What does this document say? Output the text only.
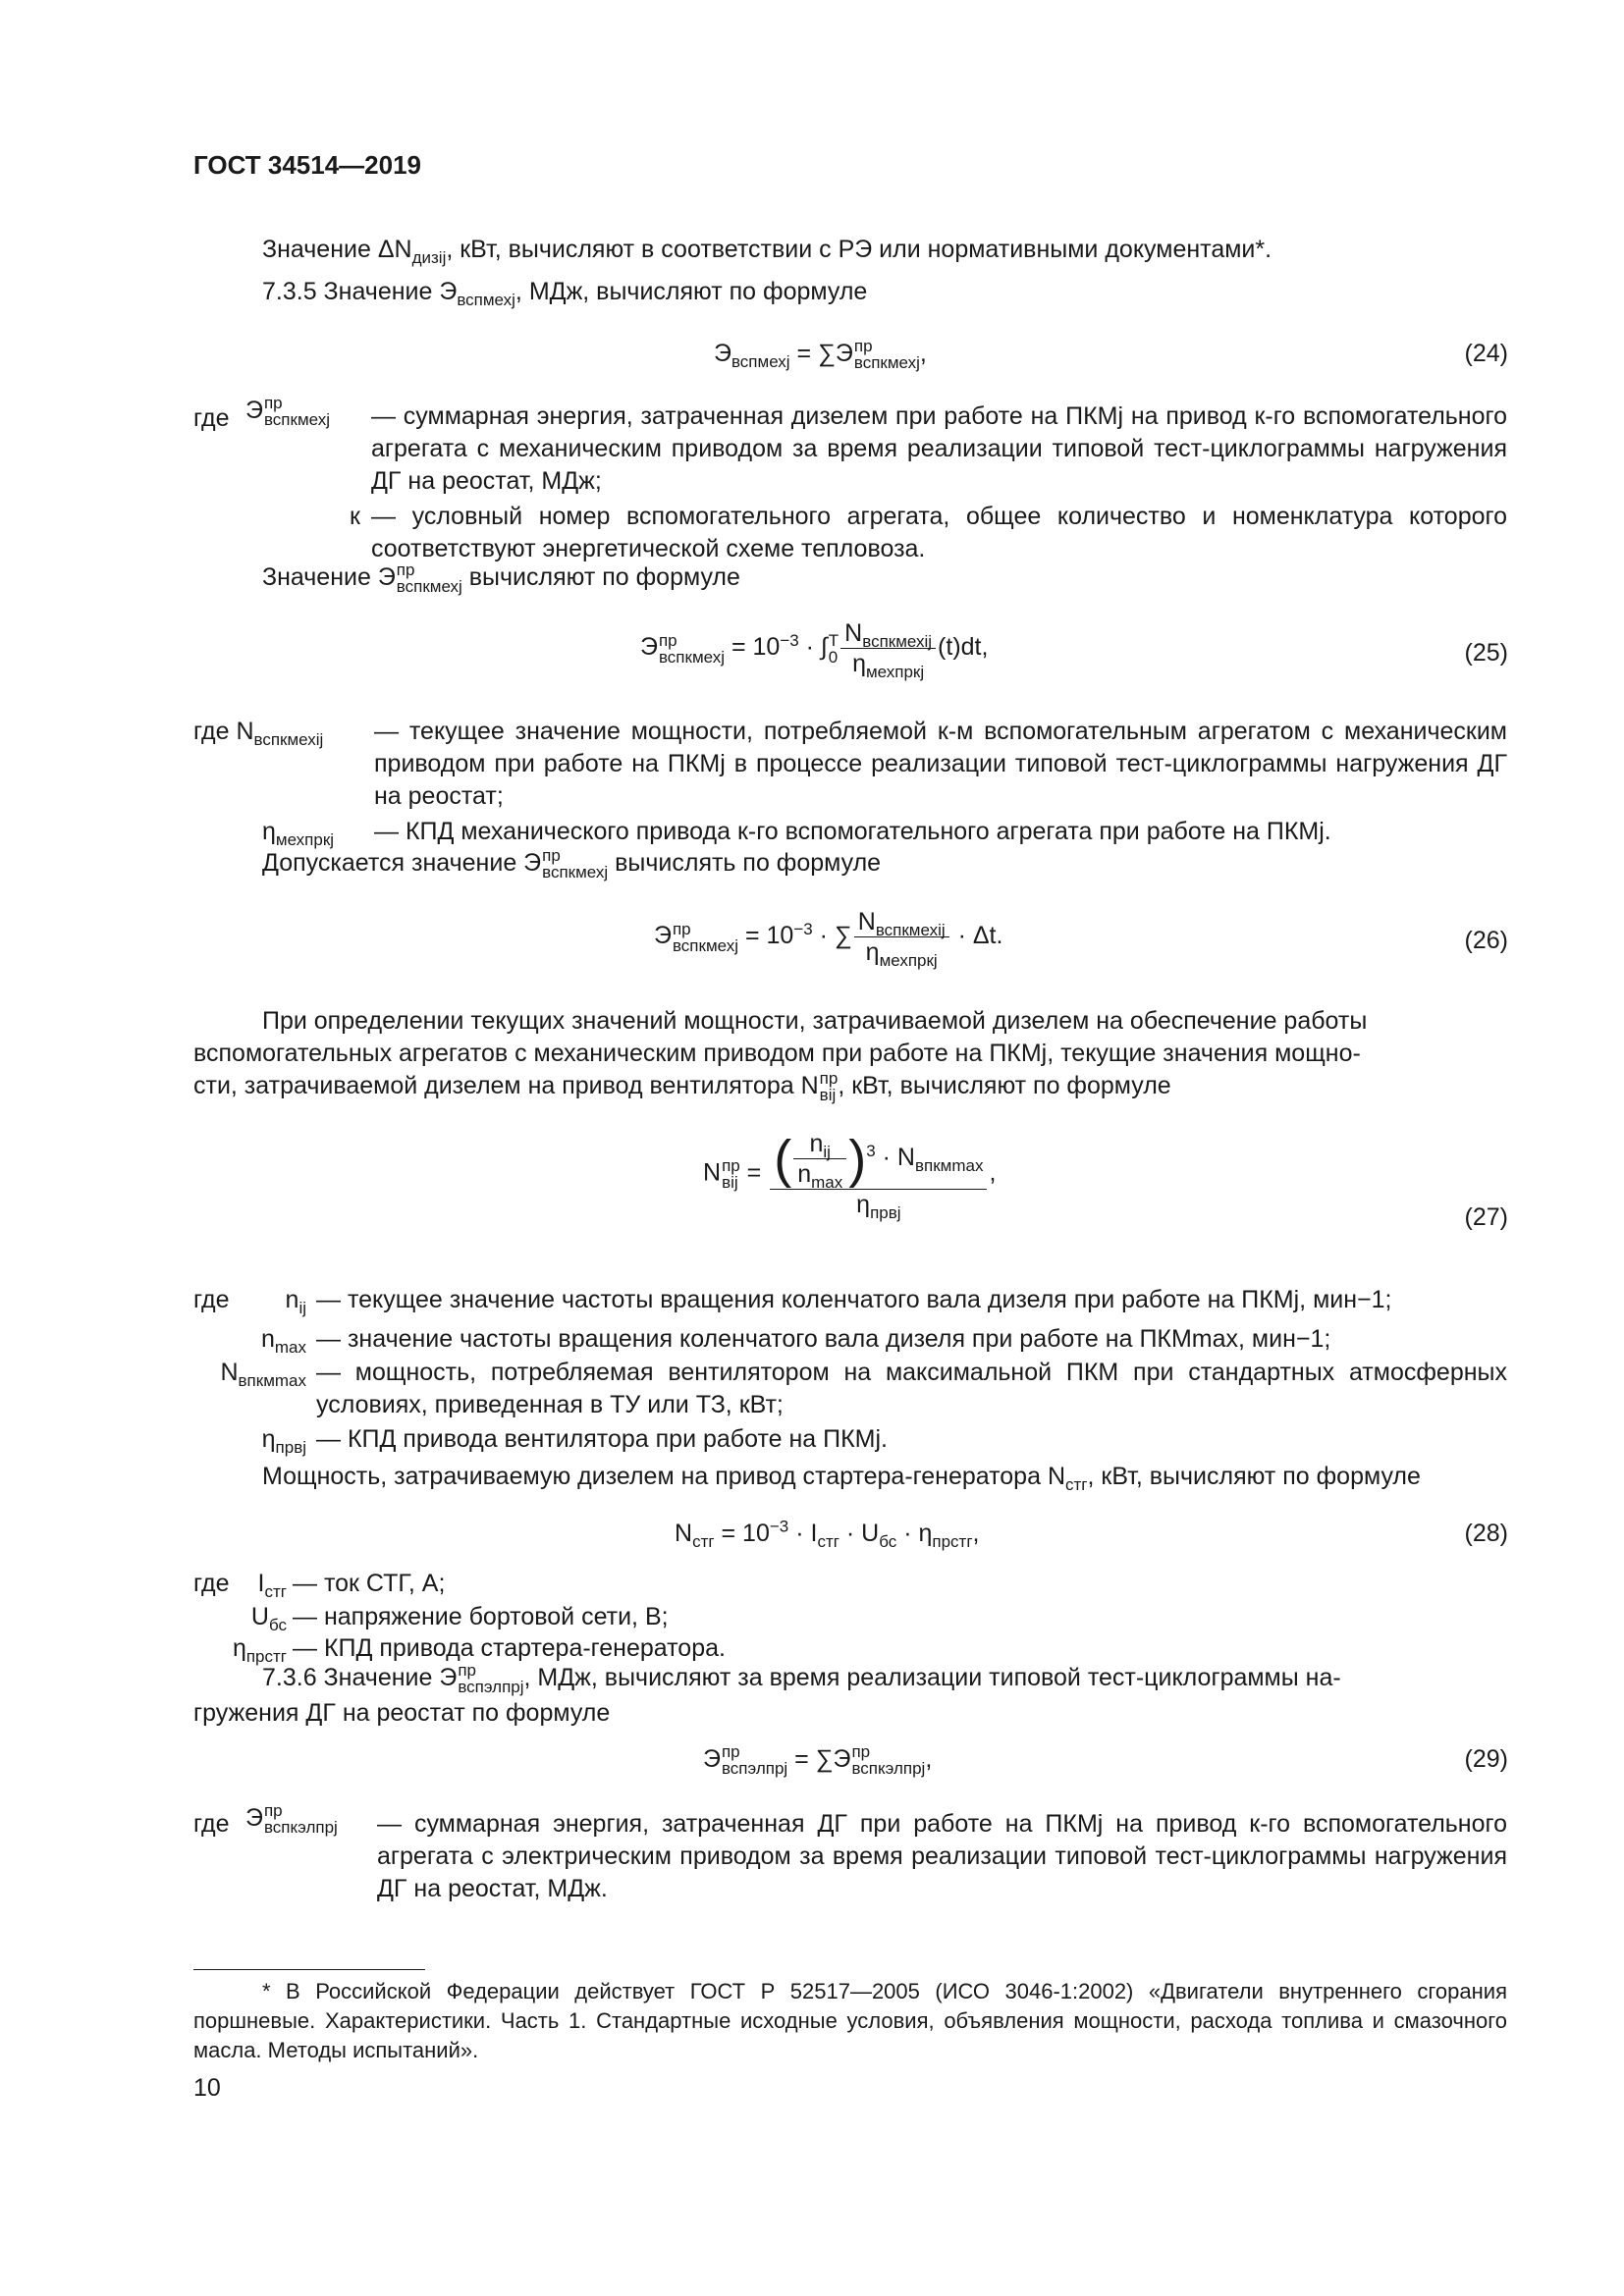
ГОСТ 34514—2019
Значение $\Delta N_{дизij}$, кВт, вычисляют в соответствии с РЭ или нормативными документами*.
7.3.5 Значение $Э_{вспмехj}$, МДж, вычисляют по формуле
$Э_{вспмехj} = \sum Э$ пр
вспкмехj ,	(24)
где Э пр
вспкмехj — суммарная энергия, затраченная дизелем при работе на ПКМj на привод к-го вспомогательного агрегата с механическим приводом за время реализации типовой тест-циклограммы нагружения ДГ на реостат, МДж;
к — условный номер вспомогательного агрегата, общее количество и номенклатура которого соответствуют энергетической схеме тепловоза.
Значение Э пр
вспкмехj вычисляют по формуле
Э пр
вспкмехj = $10^{-3}$ · ∫ T
$0 \frac{N_{вспкмехij}}{\eta_{мехпркj}} (t)dt$,	(25)
где $N_{вспкмехij}$ — текущее значение мощности, потребляемой к-м вспомогательным агрегатом с механическим приводом при работе на ПКМj в процессе реализации типовой тест-циклограммы нагружения ДГ на реостат;
$\eta_{мехпркj}$ — КПД механического привода к-го вспомогательного агрегата при работе на ПКМj.
Допускается значение Э пр
вспкмехj вычислять по формуле
Э пр
вспкмехj = $10^{-3}$ · ∑ $\frac{N_{вспкмехij}}{\eta_{мехпркj}} \cdot \Delta t$.	(26)
При определении текущих значений мощности, затрачиваемой дизелем на обеспечение работы
вспомогательных агрегатов с механическим приводом при работе на ПКМj, текущие значения мощно-
сти, затрачиваемой дизелем на привод вентилятора N пр
вij , кВт, вычисляют по формуле
N пр
вij = $\frac{( \frac{n_{ij}}{n_{max}} )^3 \cdot N_{впкмmax}}{\eta_{првj}}$ ,
(27)
где	$n_{ij}$ — текущее значение частоты вращения коленчатого вала дизеля при работе на ПКМj, мин−1;
$n_{max}$ — значение частоты вращения коленчатого вала дизеля при работе на ПКМmax, мин−1;
$N_{впкмmax}$ — мощность, потребляемая вентилятором на максимальной ПКМ при стандартных атмосферных условиях, приведенная в ТУ или ТЗ, кВт;
$\eta_{првj}$ — КПД привода вентилятора при работе на ПКМj.
Мощность, затрачиваемую дизелем на привод стартера-генератора $N_{стг}$, кВт, вычисляют по формуле
$N_{стг} = 10^{-3} \cdot I_{стг} \cdot U_{бс} \cdot \eta_{прстг}$,	(28)
где	$I_{стг}$ — ток СТГ, А;
$U_{бс}$ — напряжение бортовой сети, В;
$\eta_{прстг}$ — КПД привода стартера-генератора.
7.3.6 Значение Э пр
вспэлпрj , МДж, вычисляют за время реализации типовой тест-циклограммы на-
гружения ДГ на реостат по формуле
Э пр
вспэлпрj = ∑Э пр
вспкэлпрj ,	(29)
где Э пр
вспкэлпрj — суммарная энергия, затраченная ДГ при работе на ПКМj на привод к-го вспомогательного агрегата с электрическим приводом за время реализации типовой тест-циклограммы нагружения ДГ на реостат, МДж.
* В Российской Федерации действует ГОСТ Р 52517—2005 (ИСО 3046-1:2002) «Двигатели внутреннего сгорания поршневые. Характеристики. Часть 1. Стандартные исходные условия, объявления мощности, расхода топлива и смазочного масла. Методы испытаний».
10
